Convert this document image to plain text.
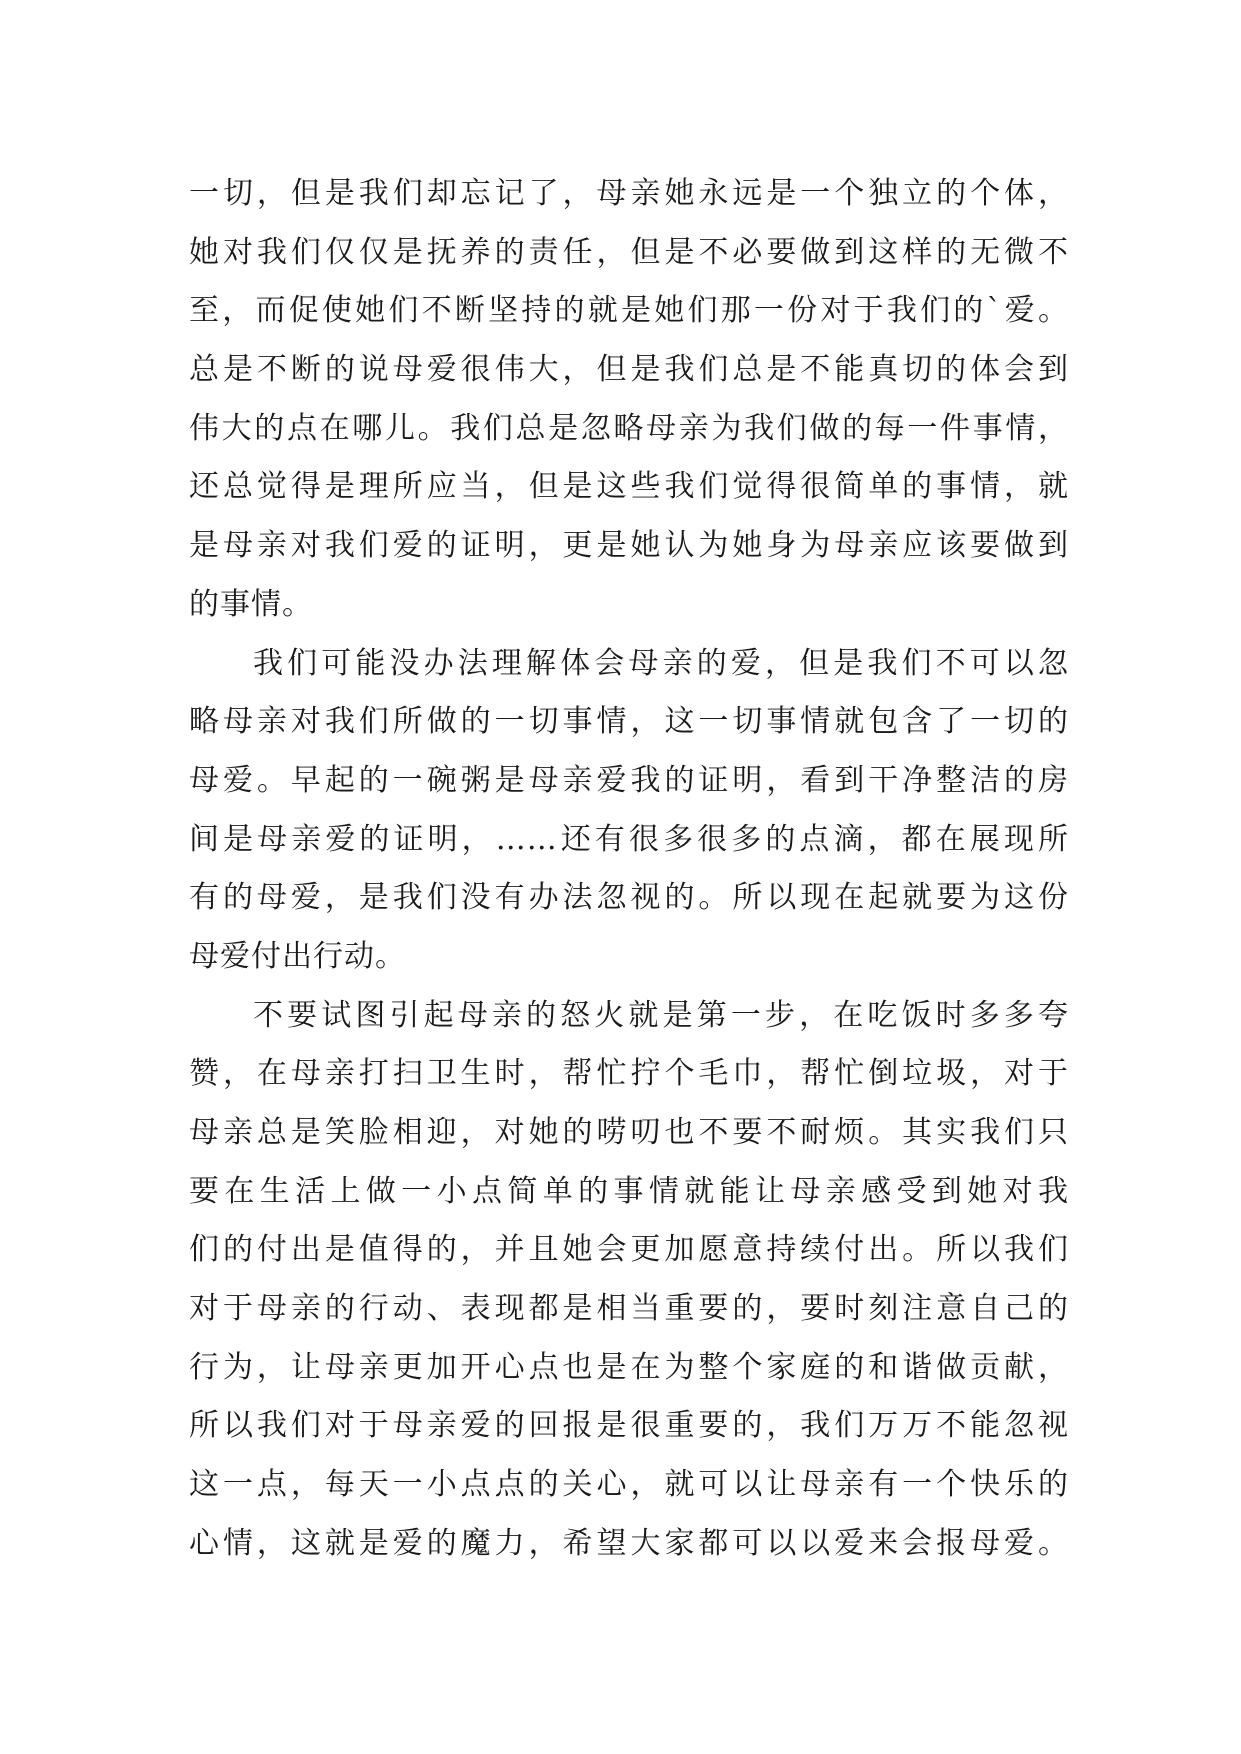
一切，但是我们却忘记了，母亲她永远是一个独立的个体，
她对我们仅仅是抚养的责任，但是不必要做到这样的无微不
至，而促使她们不断坚持的就是她们那一份对于我们的`爱。
总是不断的说母爱很伟大，但是我们总是不能真切的体会到
伟大的点在哪儿。我们总是忽略母亲为我们做的每一件事情，
还总觉得是理所应当，但是这些我们觉得很简单的事情，就
是母亲对我们爱的证明，更是她认为她身为母亲应该要做到
的事情。
我们可能没办法理解体会母亲的爱，但是我们不可以忽
略母亲对我们所做的一切事情，这一切事情就包含了一切的
母爱。早起的一碗粥是母亲爱我的证明，看到干净整洁的房
间是母亲爱的证明，……还有很多很多的点滴，都在展现所
有的母爱，是我们没有办法忽视的。所以现在起就要为这份
母爱付出行动。
不要试图引起母亲的怒火就是第一步，在吃饭时多多夸
赞，在母亲打扫卫生时，帮忙拧个毛巾，帮忙倒垃圾，对于
母亲总是笑脸相迎，对她的唠叨也不要不耐烦。其实我们只
要在生活上做一小点简单的事情就能让母亲感受到她对我
们的付出是值得的，并且她会更加愿意持续付出。所以我们
对于母亲的行动、表现都是相当重要的，要时刻注意自己的
行为，让母亲更加开心点也是在为整个家庭的和谐做贡献，
所以我们对于母亲爱的回报是很重要的，我们万万不能忽视
这一点，每天一小点点的关心，就可以让母亲有一个快乐的
心情，这就是爱的魔力，希望大家都可以以爱来会报母爱。
